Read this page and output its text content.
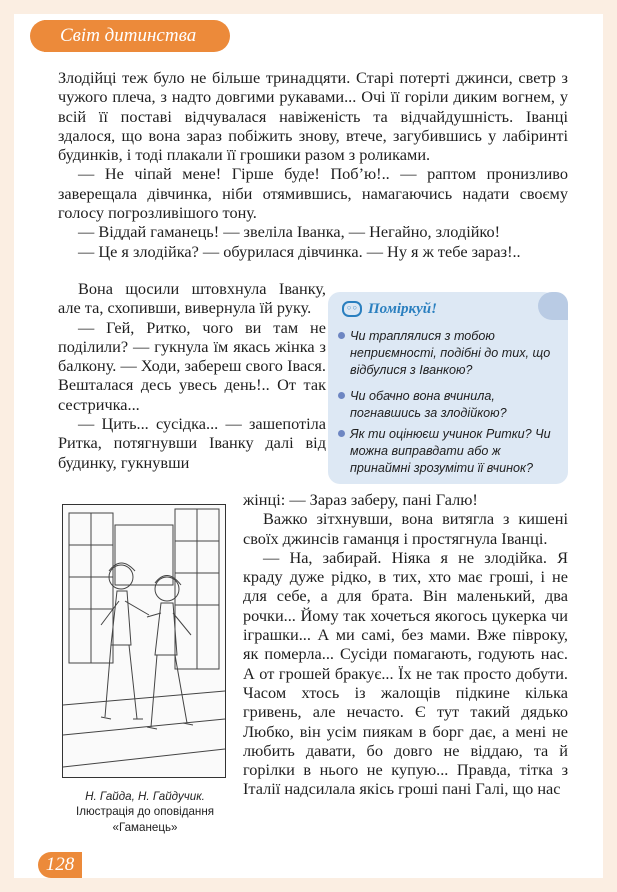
Світ дитинства

Злодійці теж було не більше тринадцяти. Старі потерті джинси, светр з чужого плеча, з надто довгими рукавами... Очі її горіли диким вогнем, у всій її поставі відчувалася навіженість та відчайдушність. Іванці здалося, що вона зараз побіжить знову, втече, загубившись у лабіринті будинків, і тоді плакали її грошики разом з роликами.

— Не чіпай мене! Гірше буде! Поб’ю!.. — раптом пронизливо заверещала дівчинка, ніби отямившись, намагаючись надати своєму голосу погрозливішого тону.

— Віддай гаманець! — звеліла Іванка, — Негайно, злодійко!

— Це я злодійка? — обурилася дівчинка. — Ну я ж тебе зараз!..

Вона щосили штовхнула Іванку, але та, схопивши, вивернула їй руку.

— Гей, Ритко, чого ви там не поділили? — гукнула їм якась жінка з балкону. — Ходи, забереш свого Івася. Вешталася десь увесь день!.. От так сестричка...

— Цить... сусідка... — зашепотіла Ритка, потягнувши Іванку далі від будинку, гукнувши

◦◦ Поміркуй!
Чи траплялися з тобою неприємності, подібні до тих, що відбулися з Іванкою?
Чи обачно вона вчинила, погнавшись за злодійкою?
Як ти оцінюєш учинок Ритки? Чи можна виправдати або ж принаймні зрозуміти її вчинок?
Н. Гайда, Н. Гайдучик.
Ілюстрація до оповідання
«Гаманець»

жінці: — Зараз заберу, пані Галю!

Важко зітхнувши, вона витягла з кишені своїх джинсів гаманця і простягнула Іванці.

— На, забирай. Ніяка я не злодійка. Я краду дуже рідко, в тих, хто має гроші, і не для себе, а для брата. Він маленький, два рочки... Йому так хочеться якогось цукерка чи іграшки... А ми самі, без мами. Вже півроку, як померла... Сусіди помагають, годують нас. А от грошей бракує... Їх не так просто добути. Часом хтось із жалощів підкине кілька гривень, але нечасто. Є тут такий дядько Любко, він усім пиякам в борг дає, а мені не любить давати, бо довго не віддаю, та й горілки в нього не купую... Правда, тітка з Італії надсилала якісь гроші пані Галі, що нас

128
